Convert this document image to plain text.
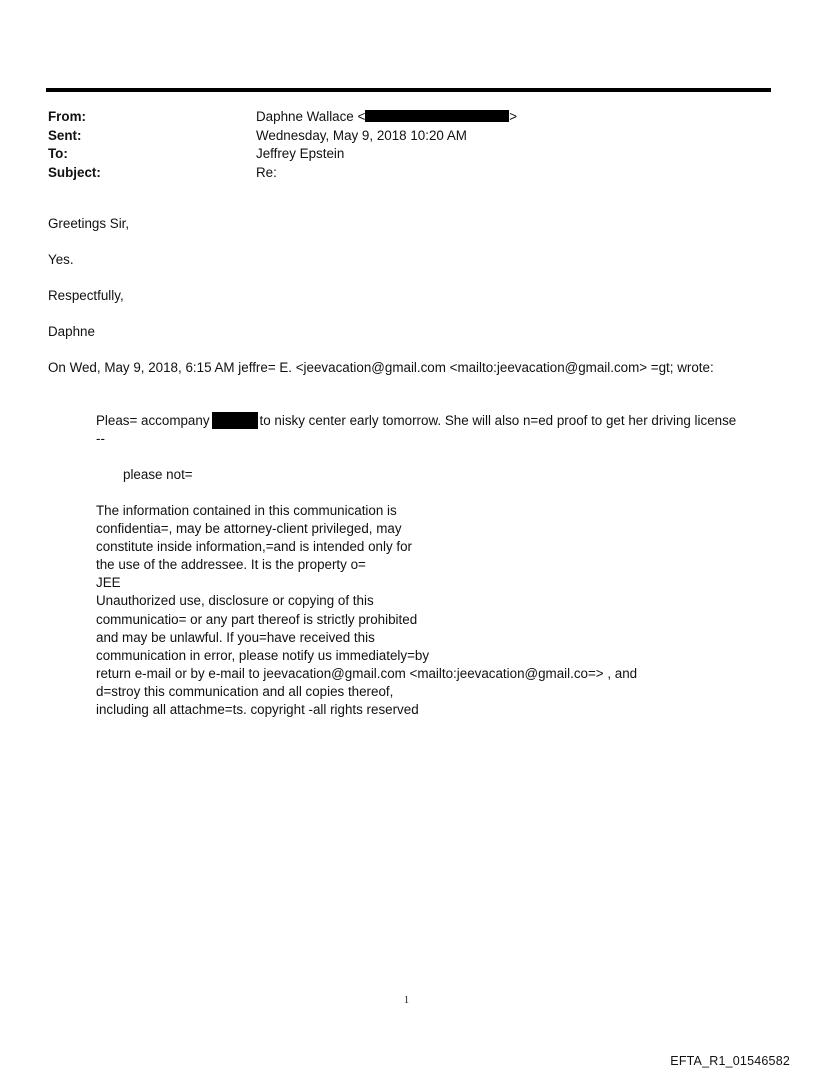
From:	Daphne Wallace <	>
Sent:	Wednesday, May 9, 2018 10:20 AM
To:	Jeffrey Epstein
Subject:	Re:
Greetings Sir,
Yes.
Respectfully,
Daphne
On Wed, May 9, 2018, 6:15 AM jeffre= E. <jeevacation@gmail.com <mailto:jeevacation@gmail.com> =gt; wrote:
Pleas= accompany	to nisky center early tomorrow. She will also n=ed proof to get her driving license
--
please not=
The information contained in this communication is
confidentia=, may be attorney-client privileged, may
constitute inside information,=and is intended only for
the use of the addressee. It is the property o=
JEE
Unauthorized use, disclosure or copying of this
communicatio= or any part thereof is strictly prohibited
and may be unlawful. If you=have received this
communication in error, please notify us immediately=by
return e-mail or by e-mail to jeevacation@gmail.com <mailto:jeevacation@gmail.co=> , and
d=stroy this communication and all copies thereof,
including all attachme=ts. copyright -all rights reserved
1
EFTA_R1_01546582
